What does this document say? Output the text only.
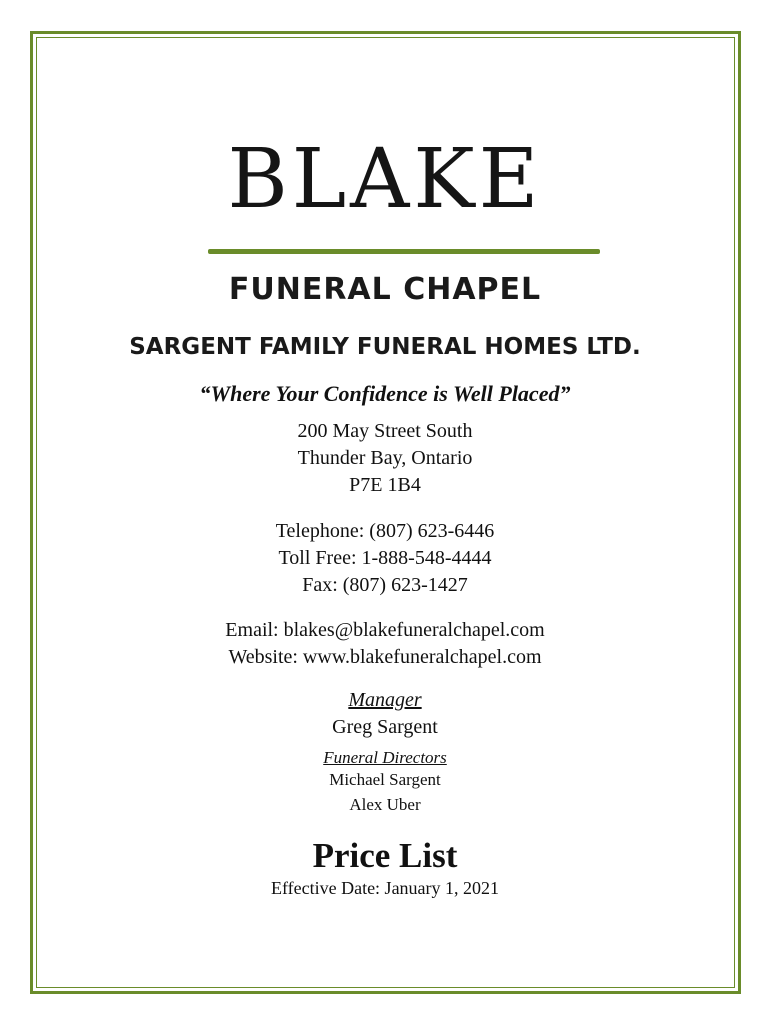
BLAKE
FUNERAL CHAPEL
SARGENT FAMILY FUNERAL HOMES LTD.
“Where Your Confidence is Well Placed”
200 May Street South
Thunder Bay, Ontario
P7E 1B4
Telephone: (807) 623-6446
Toll Free: 1-888-548-4444
Fax: (807) 623-1427
Email: blakes@blakefuneralchapel.com
Website: www.blakefuneralchapel.com
Manager
Greg Sargent
Funeral Directors
Michael Sargent
Alex Uber
Price List
Effective Date: January 1, 2021
